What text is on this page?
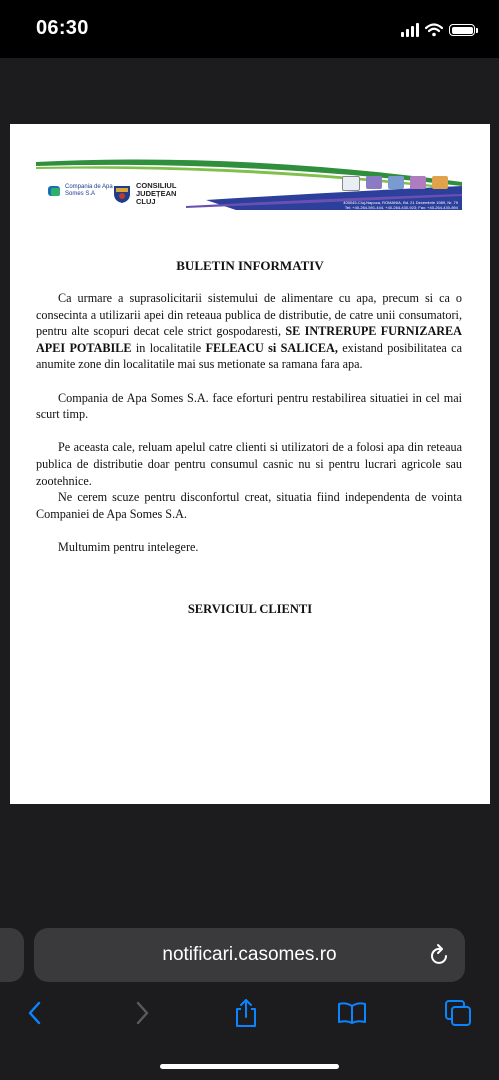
06:30
Compania de Apa
Somes S.A
CONSILIUL
JUDEȚEAN
CLUJ	400045-Cluj-Napoca, ROMANIA, Bd. 21 Decembrie 1989, Nr. 79
Tel: +40-264-591-444, +40-264-430-923; Fax: +40-264-430-894
E-mail: casomes@casomes.ro; Web: www.casomes.ro
BULETIN INFORMATIV

Ca urmare a suprasolicitarii sistemului de alimentare cu apa, precum si ca o consecinta a utilizarii apei din reteaua publica de distributie, de catre unii consumatori, pentru alte scopuri decat cele strict gospodaresti, SE INTRERUPE FURNIZAREA APEI POTABILE in localitatile FELEACU si SALICEA, existand posibilitatea ca anumite zone din localitatile mai sus metionate sa ramana fara apa.

Compania de Apa Somes S.A. face eforturi pentru restabilirea situatiei in cel mai scurt timp.

Pe aceasta cale, reluam apelul catre clienti si utilizatori de a folosi apa din reteaua publica de distributie doar pentru consumul casnic nu si pentru lucrari agricole sau zootehnice.

Ne cerem scuze pentru disconfortul creat, situatia fiind independenta de vointa Companiei de Apa Somes S.A.

Multumim pentru intelegere.

SERVICIUL CLIENTI
notificari.casomes.ro
